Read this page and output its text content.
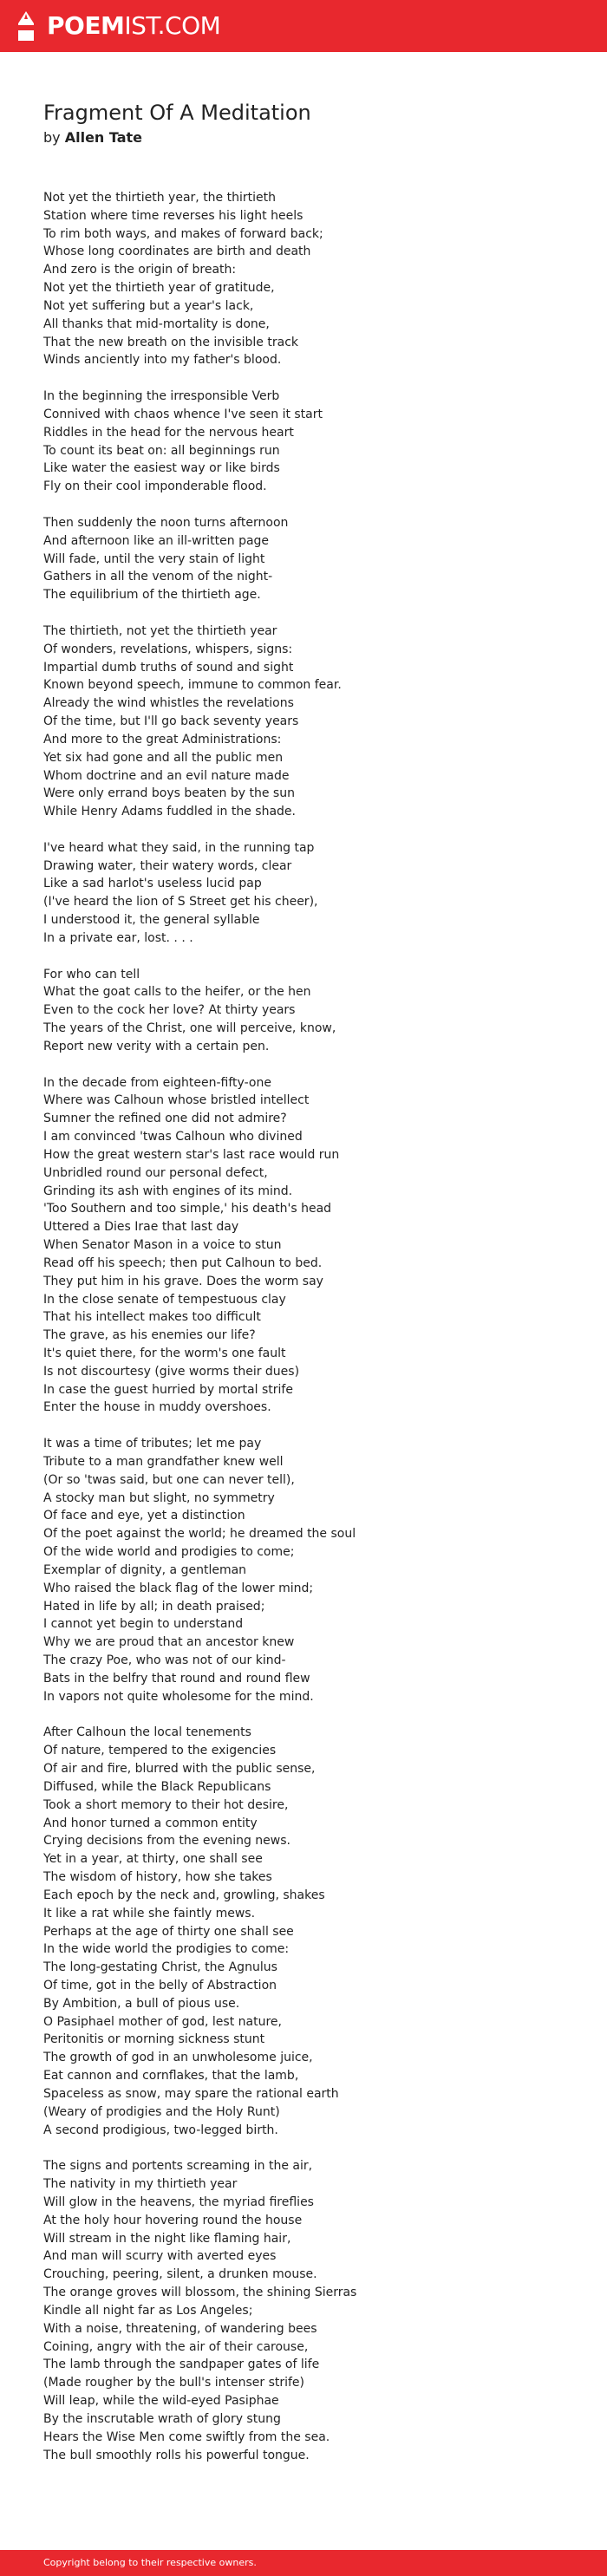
POEMIST.COM
Fragment Of A Meditation
by Allen Tate
Not yet the thirtieth year, the thirtieth
Station where time reverses his light heels
To rim both ways, and makes of forward back;
Whose long coordinates are birth and death
And zero is the origin of breath:
Not yet the thirtieth year of gratitude,
Not yet suffering but a year's lack,
All thanks that mid-mortality is done,
That the new breath on the invisible track
Winds anciently into my father's blood.
In the beginning the irresponsible Verb
Connived with chaos whence I've seen it start
Riddles in the head for the nervous heart
To count its beat on: all beginnings run
Like water the easiest way or like birds
Fly on their cool imponderable flood.
Then suddenly the noon turns afternoon
And afternoon like an ill-written page
Will fade, until the very stain of light
Gathers in all the venom of the night-
The equilibrium of the thirtieth age.
The thirtieth, not yet the thirtieth year
Of wonders, revelations, whispers, signs:
Impartial dumb truths of sound and sight
Known beyond speech, immune to common fear.
Already the wind whistles the revelations
Of the time, but I'll go back seventy years
And more to the great Administrations:
Yet six had gone and all the public men
Whom doctrine and an evil nature made
Were only errand boys beaten by the sun
While Henry Adams fuddled in the shade.
I've heard what they said, in the running tap
Drawing water, their watery words, clear
Like a sad harlot's useless lucid pap
(I've heard the lion of S Street get his cheer),
I understood it, the general syllable
In a private ear, lost. . . .
For who can tell
What the goat calls to the heifer, or the hen
Even to the cock her love? At thirty years
The years of the Christ, one will perceive, know,
Report new verity with a certain pen.
In the decade from eighteen-fifty-one
Where was Calhoun whose bristled intellect
Sumner the refined one did not admire?
I am convinced 'twas Calhoun who divined
How the great western star's last race would run
Unbridled round our personal defect,
Grinding its ash with engines of its mind.
'Too Southern and too simple,' his death's head
Uttered a Dies Irae that last day
When Senator Mason in a voice to stun
Read off his speech; then put Calhoun to bed.
They put him in his grave. Does the worm say
In the close senate of tempestuous clay
That his intellect makes too difficult
The grave, as his enemies our life?
It's quiet there, for the worm's one fault
Is not discourtesy (give worms their dues)
In case the guest hurried by mortal strife
Enter the house in muddy overshoes.
It was a time of tributes; let me pay
Tribute to a man grandfather knew well
(Or so 'twas said, but one can never tell),
A stocky man but slight, no symmetry
Of face and eye, yet a distinction
Of the poet against the world; he dreamed the soul
Of the wide world and prodigies to come;
Exemplar of dignity, a gentleman
Who raised the black flag of the lower mind;
Hated in life by all; in death praised;
I cannot yet begin to understand
Why we are proud that an ancestor knew
The crazy Poe, who was not of our kind-
Bats in the belfry that round and round flew
In vapors not quite wholesome for the mind.
After Calhoun the local tenements
Of nature, tempered to the exigencies
Of air and fire, blurred with the public sense,
Diffused, while the Black Republicans
Took a short memory to their hot desire,
And honor turned a common entity
Crying decisions from the evening news.
Yet in a year, at thirty, one shall see
The wisdom of history, how she takes
Each epoch by the neck and, growling, shakes
It like a rat while she faintly mews.
Perhaps at the age of thirty one shall see
In the wide world the prodigies to come:
The long-gestating Christ, the Agnulus
Of time, got in the belly of Abstraction
By Ambition, a bull of pious use.
O Pasiphael mother of god, lest nature,
Peritonitis or morning sickness stunt
The growth of god in an unwholesome juice,
Eat cannon and cornflakes, that the lamb,
Spaceless as snow, may spare the rational earth
(Weary of prodigies and the Holy Runt)
A second prodigious, two-legged birth.
The signs and portents screaming in the air,
The nativity in my thirtieth year
Will glow in the heavens, the myriad fireflies
At the holy hour hovering round the house
Will stream in the night like flaming hair,
And man will scurry with averted eyes
Crouching, peering, silent, a drunken mouse.
The orange groves will blossom, the shining Sierras
Kindle all night far as Los Angeles;
With a noise, threatening, of wandering bees
Coining, angry with the air of their carouse,
The lamb through the sandpaper gates of life
(Made rougher by the bull's intenser strife)
Will leap, while the wild-eyed Pasiphae
By the inscrutable wrath of glory stung
Hears the Wise Men come swiftly from the sea.
The bull smoothly rolls his powerful tongue.
Copyright belong to their respective owners.
